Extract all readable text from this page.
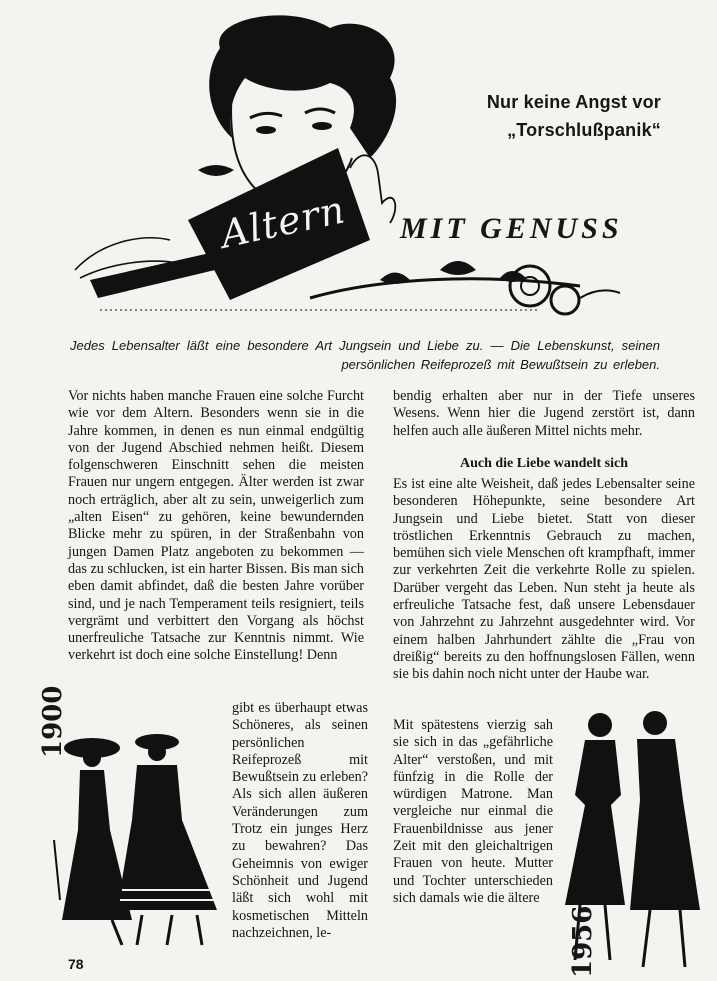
Nur keine Angst vor
„Torschlußpanik“
Altern MIT GENUSS
Jedes Lebensalter läßt eine besondere Art Jungsein und Liebe zu. — Die Lebenskunst, seinen persönlichen Reifeprozeß mit Bewußtsein zu erleben.

Vor nichts haben manche Frauen eine solche Furcht wie vor dem Altern. Besonders wenn sie in die Jahre kommen, in denen es nun einmal endgültig von der Jugend Abschied nehmen heißt. Diesem folgenschweren Einschnitt sehen die meisten Frauen nur ungern entgegen. Älter werden ist zwar noch erträglich, aber alt zu sein, unweigerlich zum „alten Eisen“ zu gehören, keine bewundernden Blicke mehr zu spüren, in der Straßenbahn von jungen Damen Platz angeboten zu bekommen — das zu schlucken, ist ein harter Bissen. Bis man sich eben damit abfindet, daß die besten Jahre vorüber sind, und je nach Temperament teils resigniert, teils vergrämt und verbittert den Vorgang als höchst unerfreuliche Tatsache zur Kenntnis nimmt. Wie verkehrt ist doch eine solche Einstellung! Denn

gibt es überhaupt etwas Schöneres, als seinen persönlichen Reifeprozeß mit Bewußtsein zu erleben? Als sich allen äußeren Veränderungen zum Trotz ein junges Herz zu bewahren? Das Geheimnis von ewiger Schönheit und Jugend läßt sich wohl mit kosmetischen Mitteln nachzeichnen, le-
bendig erhalten aber nur in der Tiefe unseres Wesens. Wenn hier die Jugend zerstört ist, dann helfen auch alle äußeren Mittel nichts mehr.
Auch die Liebe wandelt sich
Es ist eine alte Weisheit, daß jedes Lebensalter seine besonderen Höhepunkte, seine besondere Art Jungsein und Liebe bietet. Statt von dieser tröstlichen Erkenntnis Gebrauch zu machen, bemühen sich viele Menschen oft krampfhaft, immer zur verkehrten Zeit die verkehrte Rolle zu spielen. Darüber vergeht das Leben. Nun steht ja heute als erfreuliche Tatsache fest, daß unsere Lebensdauer von Jahrzehnt zu Jahrzehnt ausgedehnter wird. Vor einem halben Jahrhundert zählte die „Frau von dreißig“ bereits zu den hoffnungslosen Fällen, wenn sie bis dahin noch nicht unter der Haube war.
Mit spätestens vierzig sah sie sich in das „gefährliche Alter“ verstoßen, und mit fünfzig in die Rolle der würdigen Matrone. Man vergleiche nur einmal die Frauenbildnisse aus jener Zeit mit den gleichaltrigen Frauen von heute. Mutter und Tochter unterschieden sich damals wie die ältere
1900
1956
78
